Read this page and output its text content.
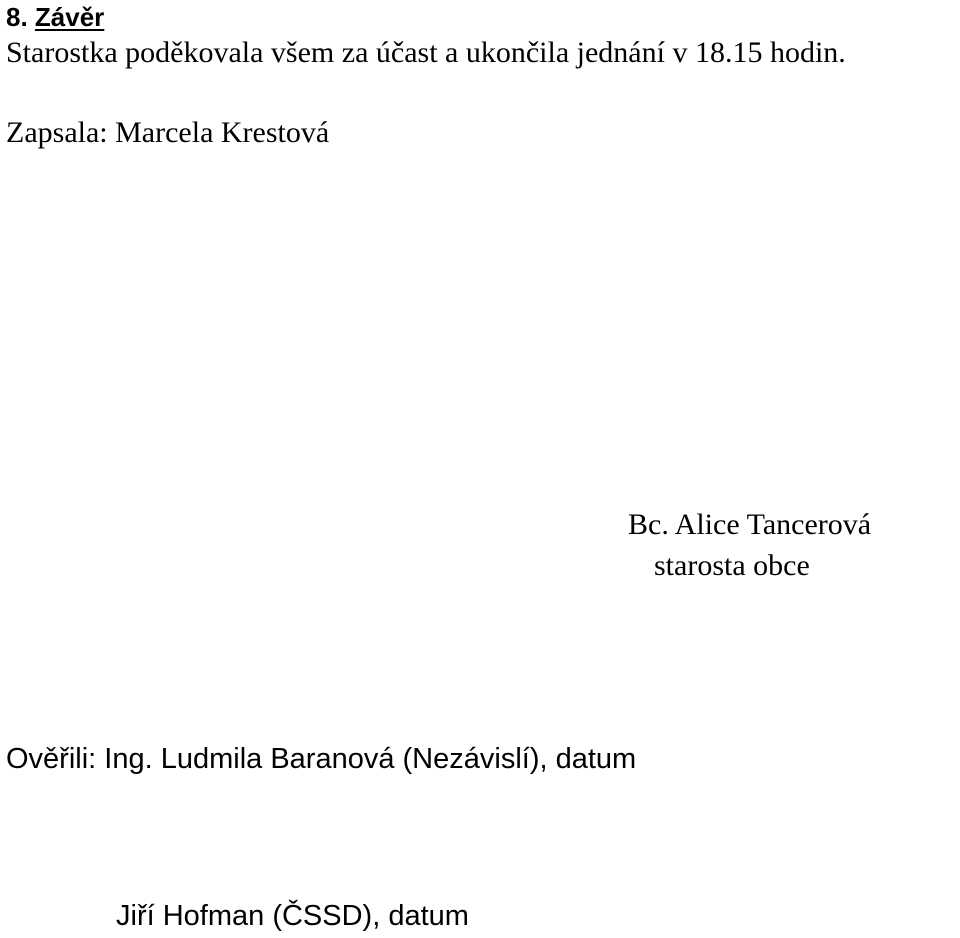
8. Závěr
Starostka poděkovala všem za účast a ukončila jednání v 18.15 hodin.
Zapsala: Marcela Krestová
Bc. Alice Tancerová
starosta obce
Ověřili: Ing. Ludmila Baranová (Nezávislí), datum
Jiří Hofman (ČSSD), datum
